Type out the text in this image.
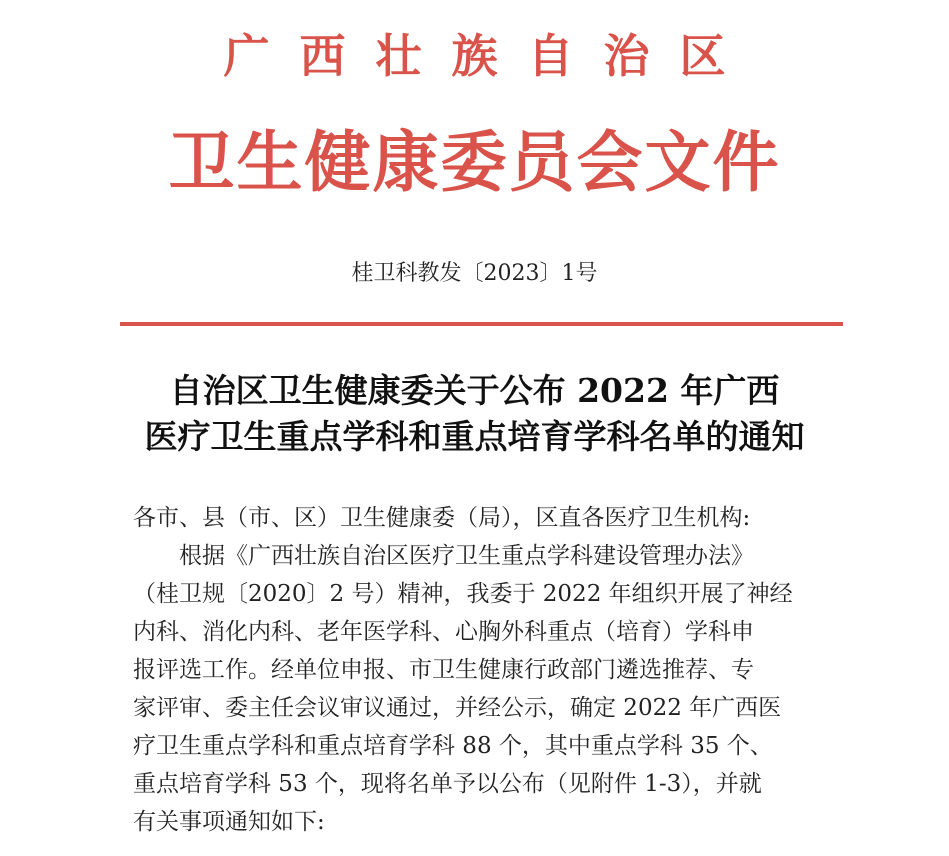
广西壮族自治区
卫生健康委员会文件
桂卫科教发〔2023〕1号
自治区卫生健康委关于公布 2022 年广西
医疗卫生重点学科和重点培育学科名单的通知

各市、县（市、区）卫生健康委（局），区直各医疗卫生机构:

根据《广西壮族自治区医疗卫生重点学科建设管理办法》

（桂卫规〔2020〕2 号）精神，我委于 2022 年组织开展了神经

内科、消化内科、老年医学科、心胸外科重点（培育）学科申

报评选工作。经单位申报、市卫生健康行政部门遴选推荐、专

家评审、委主任会议审议通过，并经公示，确定 2022 年广西医

疗卫生重点学科和重点培育学科 88 个，其中重点学科 35 个、

重点培育学科 53 个，现将名单予以公布（见附件 1-3），并就

有关事项通知如下:
